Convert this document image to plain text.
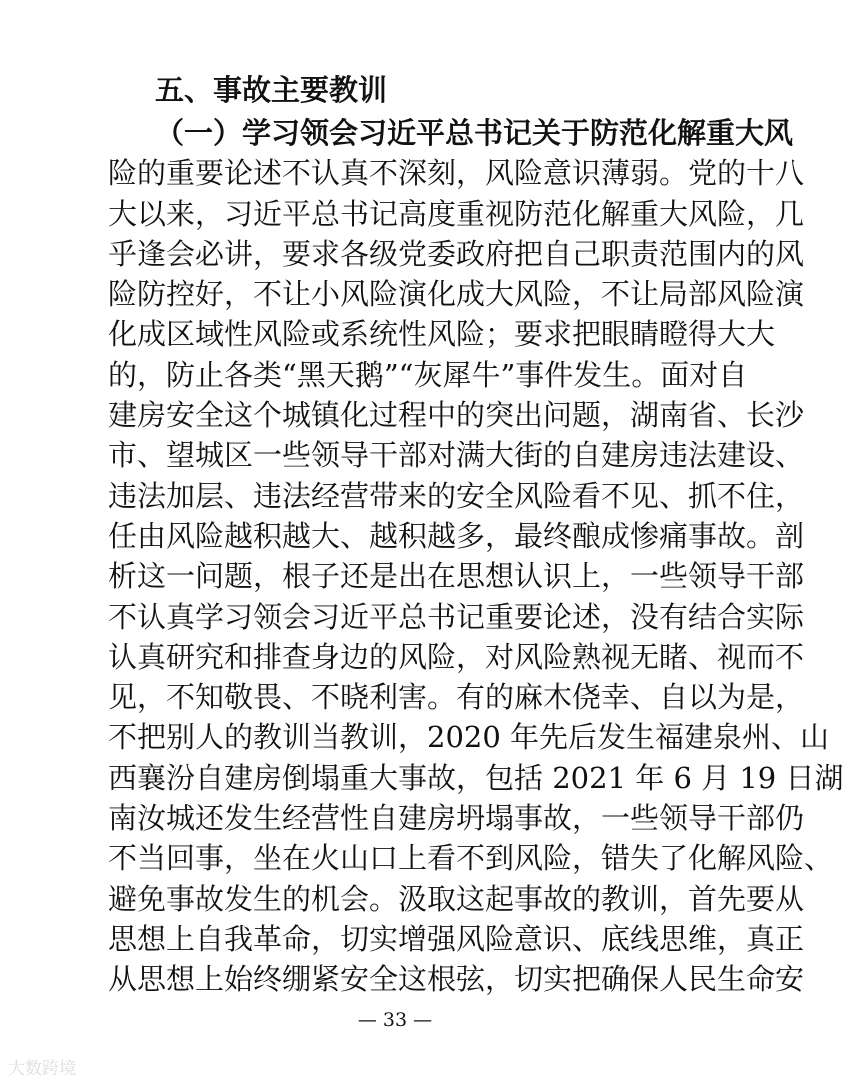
五、事故主要教训
（一）学习领会习近平总书记关于防范化解重大风
险的重要论述不认真不深刻，风险意识薄弱。党的十八
大以来，习近平总书记高度重视防范化解重大风险，几
乎逢会必讲，要求各级党委政府把自己职责范围内的风
险防控好，不让小风险演化成大风险，不让局部风险演
化成区域性风险或系统性风险；要求把眼睛瞪得大大
的，防止各类“黑天鹅”“灰犀牛”事件发生。面对自
建房安全这个城镇化过程中的突出问题，湖南省、长沙
市、望城区一些领导干部对满大街的自建房违法建设、
违法加层、违法经营带来的安全风险看不见、抓不住，
任由风险越积越大、越积越多，最终酿成惨痛事故。剖
析这一问题，根子还是出在思想认识上，一些领导干部
不认真学习领会习近平总书记重要论述，没有结合实际
认真研究和排查身边的风险，对风险熟视无睹、视而不
见，不知敬畏、不晓利害。有的麻木侥幸、自以为是，
不把别人的教训当教训，2020 年先后发生福建泉州、山
西襄汾自建房倒塌重大事故，包括 2021 年 6 月 19 日湖
南汝城还发生经营性自建房坍塌事故，一些领导干部仍
不当回事，坐在火山口上看不到风险，错失了化解风险、
避免事故发生的机会。汲取这起事故的教训，首先要从
思想上自我革命，切实增强风险意识、底线思维，真正
从思想上始终绷紧安全这根弦，切实把确保人民生命安
— 33 —
大数跨境
